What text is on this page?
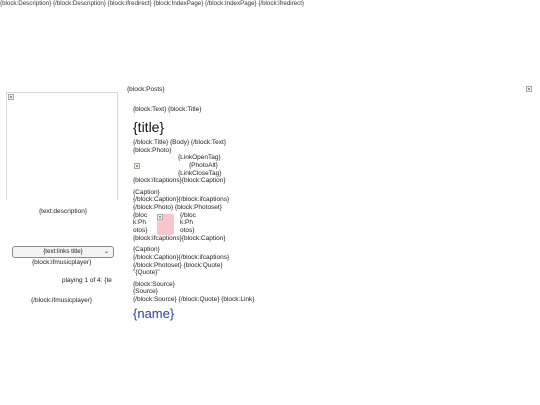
{block:Description} {/block:Description} {block:ifredirect} {block:IndexPage} {/block:IndexPage} {/block:ifredirect}
{text:description}
{text:links title}	⌄
{block:ifmusicplayer}
playing 1 of 4: {te
{/block:ifmusicplayer}
{block:Posts}
{block:Text} {block:Title}
{title}
{/block:Title} {Body} {/block:Text}
{block:Photo}
{LinkOpenTag}
{PhotoAlt}
{LinkCloseTag}
{block:ifcaptions}{block:Caption}
{Caption}
{/block:Caption}{/block:ifcaptions}
{/block:Photo} {block:Photoset}
{bloc
k:Ph
otos}
{/bloc
k:Ph
otos}
{block:ifcaptions}{block:Caption}
{Caption}
{/block:Caption}{/block:ifcaptions}
{/block:Photoset} {block:Quote}
"{Quote}"
{block:Source}
{Source}
{/block:Source} {/block:Quote} {block:Link}
{name}
